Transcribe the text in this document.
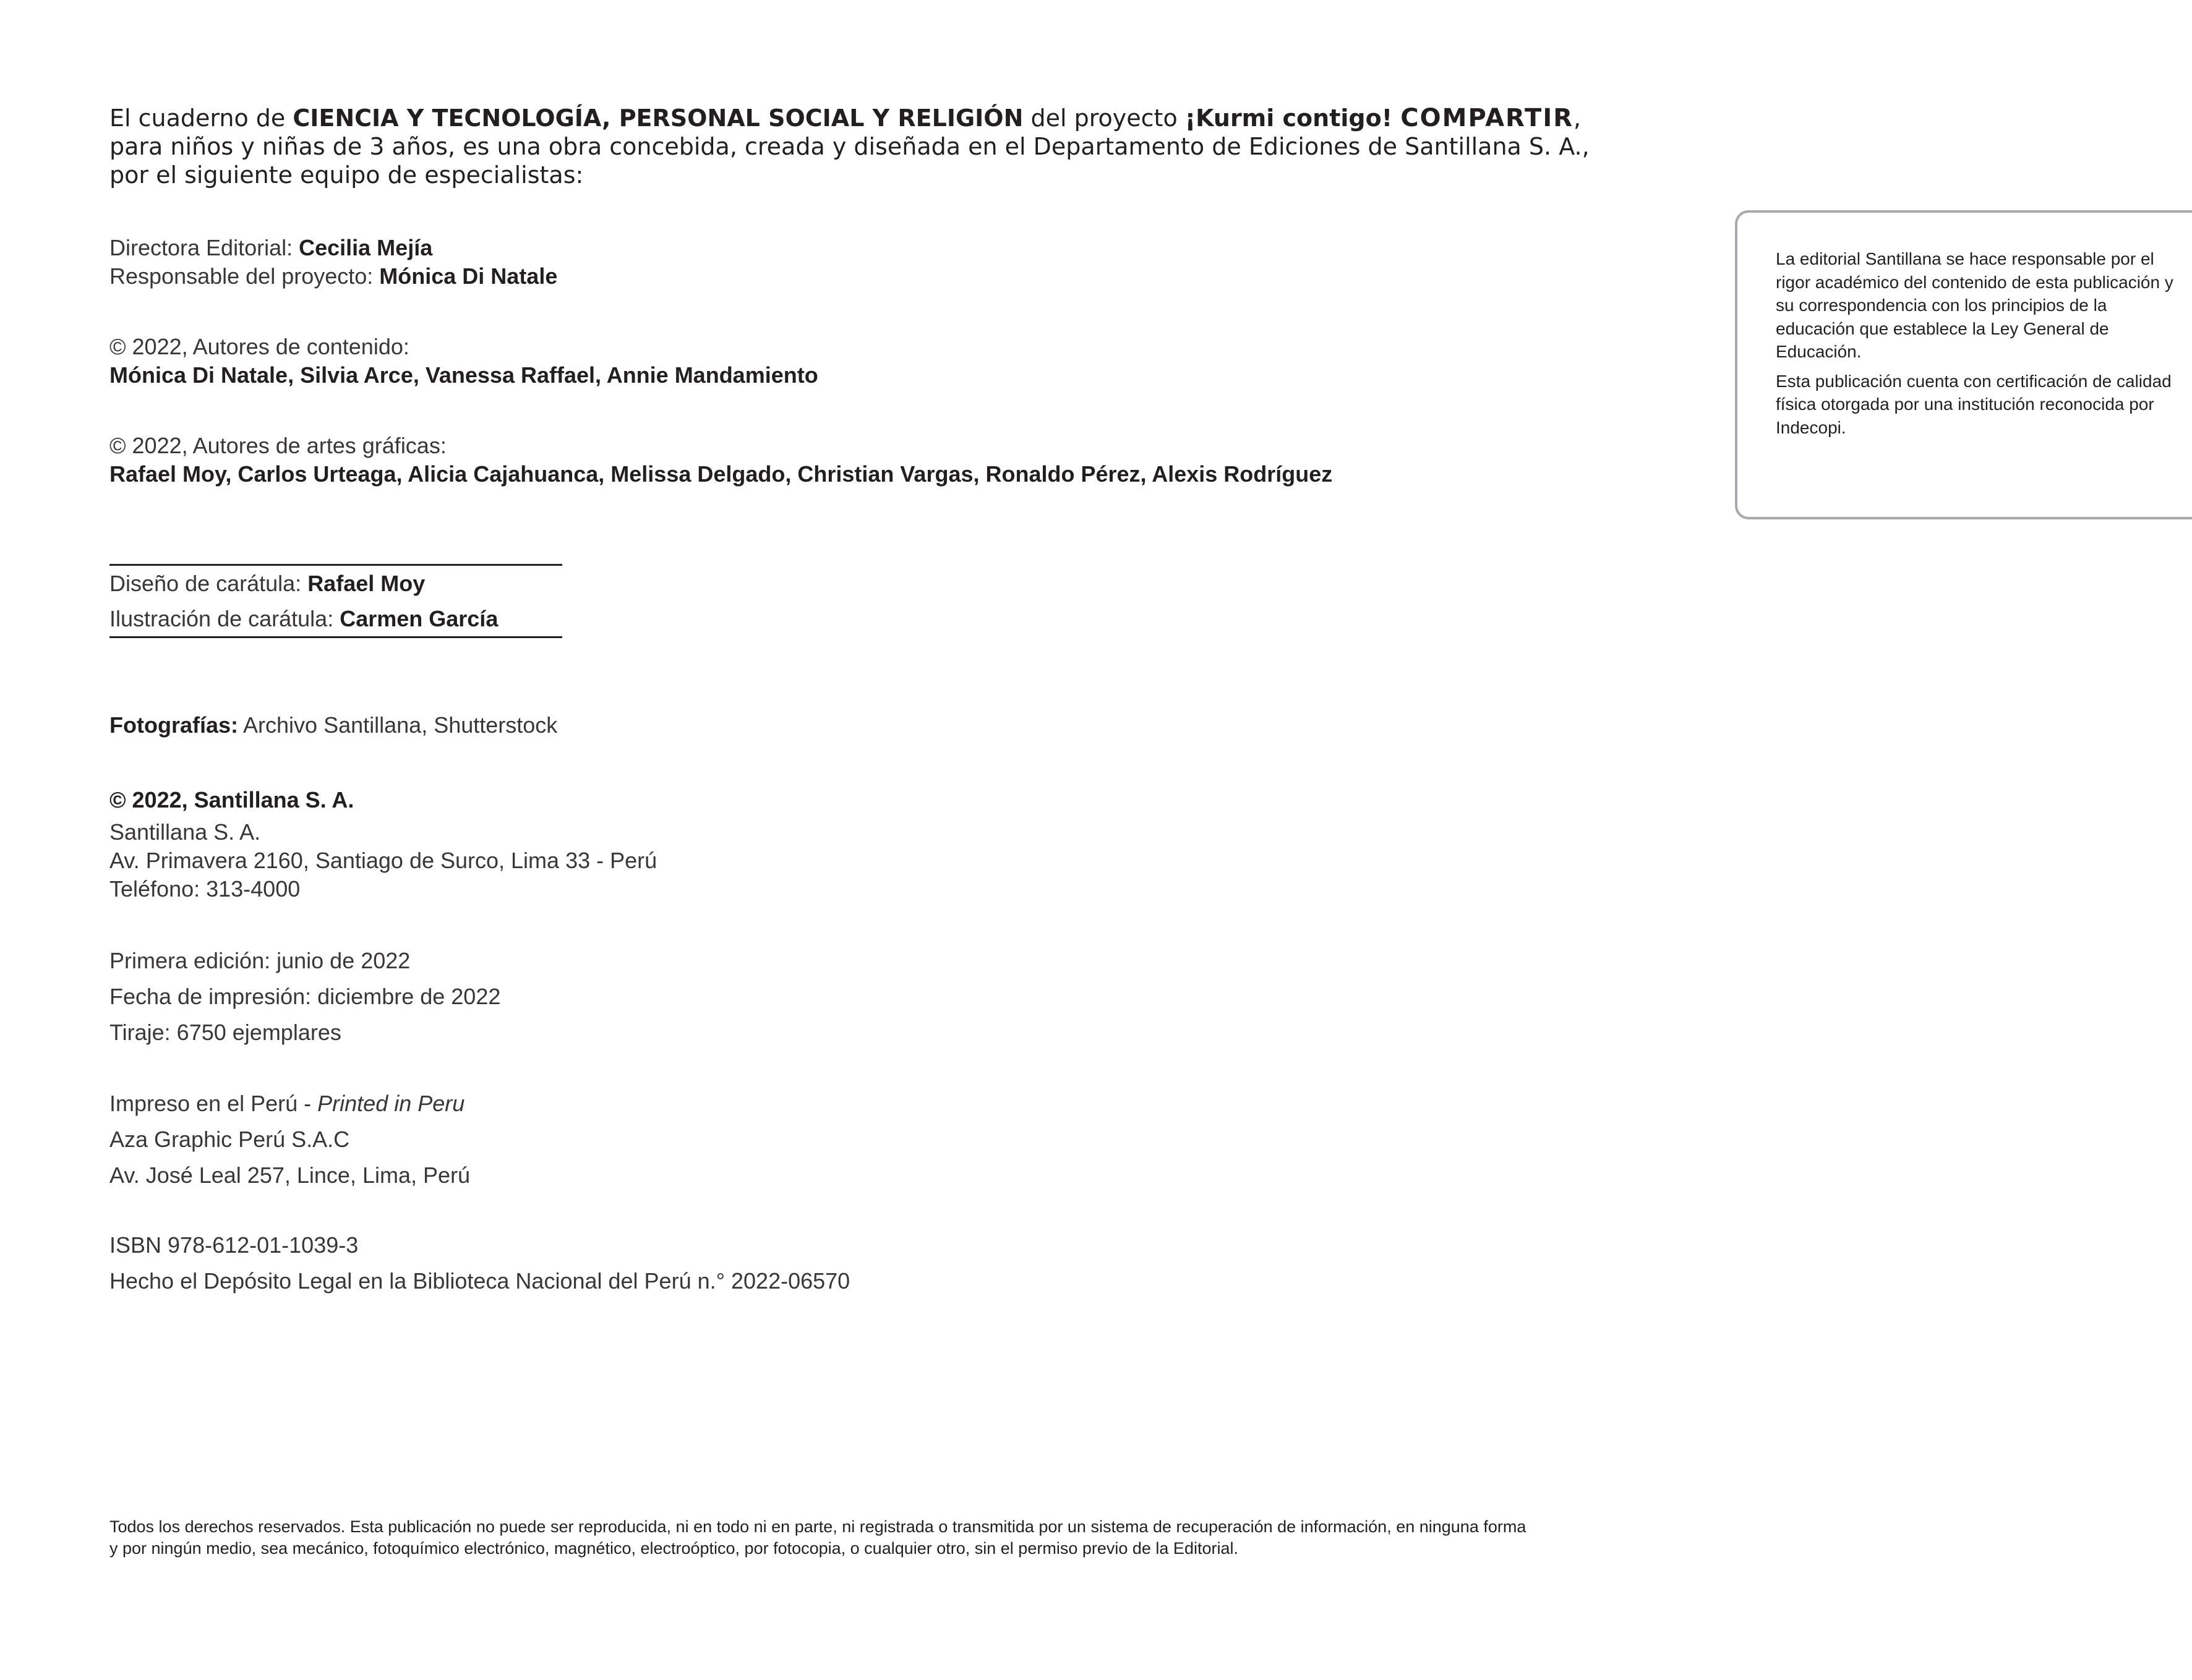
El cuaderno de CIENCIA Y TECNOLOGÍA, PERSONAL SOCIAL Y RELIGIÓN del proyecto ¡Kurmi contigo! COMPARTIR,
para niños y niñas de 3 años, es una obra concebida, creada y diseñada en el Departamento de Ediciones de Santillana S. A.,
por el siguiente equipo de especialistas:
Directora Editorial: Cecilia Mejía
Responsable del proyecto: Mónica Di Natale
© 2022, Autores de contenido:
Mónica Di Natale, Silvia Arce, Vanessa Raffael, Annie Mandamiento
© 2022, Autores de artes gráficas:
Rafael Moy, Carlos Urteaga, Alicia Cajahuanca, Melissa Delgado, Christian Vargas, Ronaldo Pérez, Alexis Rodríguez
Diseño de carátula: Rafael Moy
Ilustración de carátula: Carmen García
Fotografías: Archivo Santillana, Shutterstock
© 2022, Santillana S. A.
Santillana S. A.
Av. Primavera 2160, Santiago de Surco, Lima 33 - Perú
Teléfono: 313-4000
Primera edición: junio de 2022
Fecha de impresión: diciembre de 2022
Tiraje: 6750 ejemplares
Impreso en el Perú - Printed in Peru
Aza Graphic Perú S.A.C
Av. José Leal 257, Lince, Lima, Perú
ISBN 978-612-01-1039-3
Hecho el Depósito Legal en la Biblioteca Nacional del Perú n.° 2022-06570

La editorial Santillana se hace responsable por el rigor académico del contenido de esta publicación y su correspondencia con los principios de la educación que establece la Ley General de Educación.

Esta publicación cuenta con certificación de calidad física otorgada por una institución reconocida por Indecopi.

Todos los derechos reservados. Esta publicación no puede ser reproducida, ni en todo ni en parte, ni registrada o transmitida por un sistema de recuperación de información, en ninguna forma
y por ningún medio, sea mecánico, fotoquímico electrónico, magnético, electroóptico, por fotocopia, o cualquier otro, sin el permiso previo de la Editorial.
